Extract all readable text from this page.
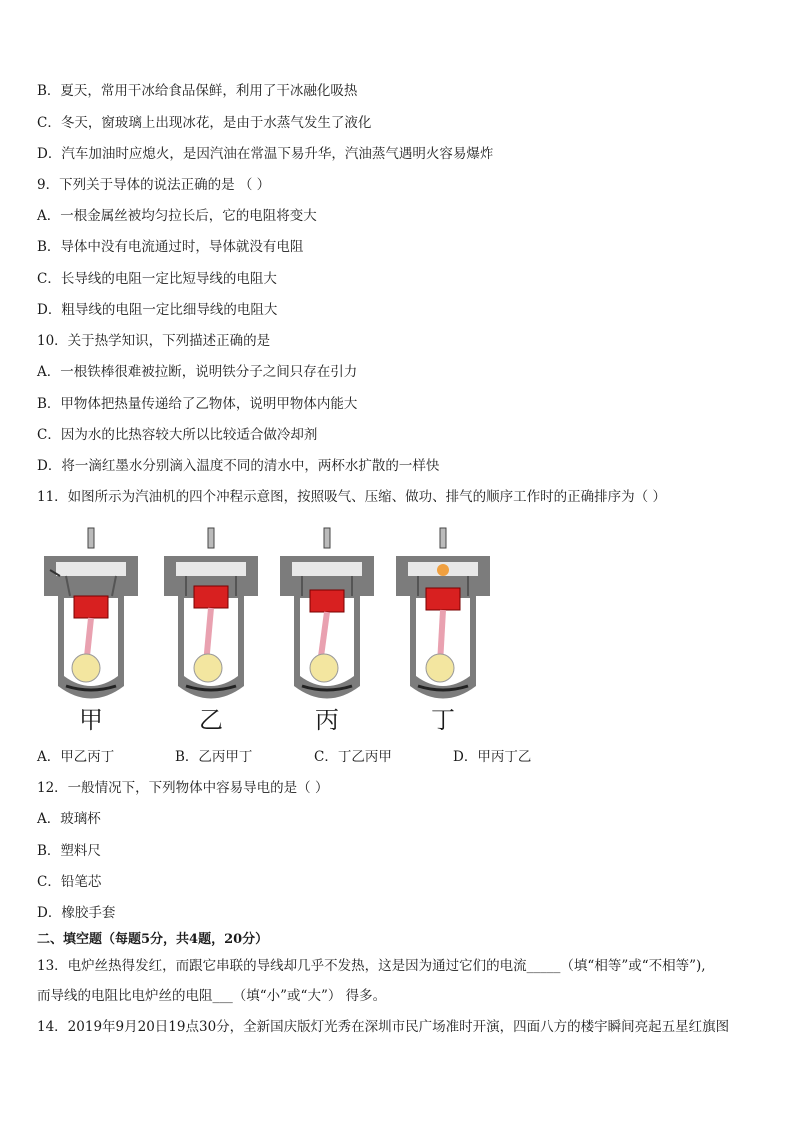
B．夏天，常用干冰给食品保鲜，利用了干冰融化吸热
C．冬天，窗玻璃上出现冰花，是由于水蒸气发生了液化
D．汽车加油时应熄火，是因汽油在常温下易升华，汽油蒸气遇明火容易爆炸
9．下列关于导体的说法正确的是 （ ）
A．一根金属丝被均匀拉长后，它的电阻将变大
B．导体中没有电流通过时，导体就没有电阻
C．长导线的电阻一定比短导线的电阻大
D．粗导线的电阻一定比细导线的电阻大
10．关于热学知识，下列描述正确的是
A．一根铁棒很难被拉断，说明铁分子之间只存在引力
B．甲物体把热量传递给了乙物体，说明甲物体内能大
C．因为水的比热容较大所以比较适合做冷却剂
D．将一滴红墨水分别滴入温度不同的清水中，两杯水扩散的一样快
11．如图所示为汽油机的四个冲程示意图，按照吸气、压缩、做功、排气的顺序工作时的正确排序为（ ）
甲	乙	丙	丁
A．甲乙丙丁	B．乙丙甲丁	C．丁乙丙甲	D．甲丙丁乙
12．一般情况下，下列物体中容易导电的是（ ）
A．玻璃杯
B．塑料尺
C．铅笔芯
D．橡胶手套
二、填空题（每题5分，共4题，20分）
13．电炉丝热得发红，而跟它串联的导线却几乎不发热，这是因为通过它们的电流_____（填“相等”或“不相等”),
而导线的电阻比电炉丝的电阻___（填“小”或“大”） 得多。
14．2019年9月20日19点30分，全新国庆版灯光秀在深圳市民广场准时开演，四面八方的楼宇瞬间亮起五星红旗图
